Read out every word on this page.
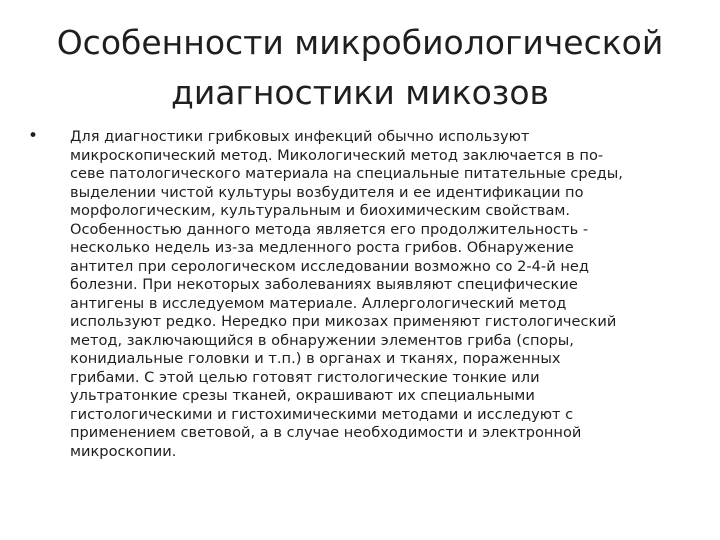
Особенности микробиологической диагностики микозов
• Для диагностики грибковых инфекций обычно используют
микроскопический метод. Микологический метод заключается в по-
севе патологического материала на специальные питательные среды,
выделении чистой культуры возбудителя и ее идентификации по
морфологическим, культуральным и биохимическим свойствам.
Особенностью данного метода является его продолжительность -
несколько недель из-за медленного роста грибов. Обнаружение
антител при серологическом исследовании возможно со 2-4-й нед
болезни. При некоторых заболеваниях выявляют специфические
антигены в исследуемом материале. Аллергологический метод
используют редко. Нередко при микозах применяют гистологический
метод, заключающийся в обнаружении элементов гриба (споры,
конидиальные головки и т.п.) в органах и тканях, пораженных
грибами. С этой целью готовят гистологические тонкие или
ультратонкие срезы тканей, окрашивают их специальными
гистологическими и гистохимическими методами и исследуют с
применением световой, а в случае необходимости и электронной
микроскопии.
